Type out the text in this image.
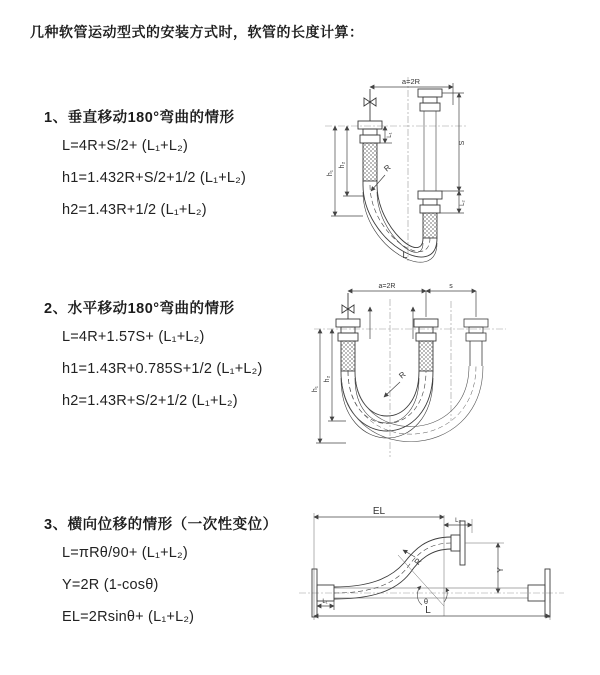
几种软管运动型式的安装方式时，软管的长度计算：
1、垂直移动180°弯曲的情形
L=4R+S/2+ (L₁+L₂)
h1=1.432R+S/2+1/2 (L₁+L₂)
h2=1.43R+1/2 (L₁+L₂)
a=2R
h₁
h₂
L₁
S
L₂
R
L
2、水平移动180°弯曲的情形
L=4R+1.57S+ (L₁+L₂)
h1=1.43R+0.785S+1/2 (L₁+L₂)
h2=1.43R+S/2+1/2 (L₁+L₂)
a=2R	s
h₁
h₂	R
3、横向位移的情形（一次性变位）
L=πRθ/90+ (L₁+L₂)
Y=2R (1-cosθ)
EL=2Rsinθ+ (L₁+L₂)
EL
L₂
Y
L
L₁	θ
R
